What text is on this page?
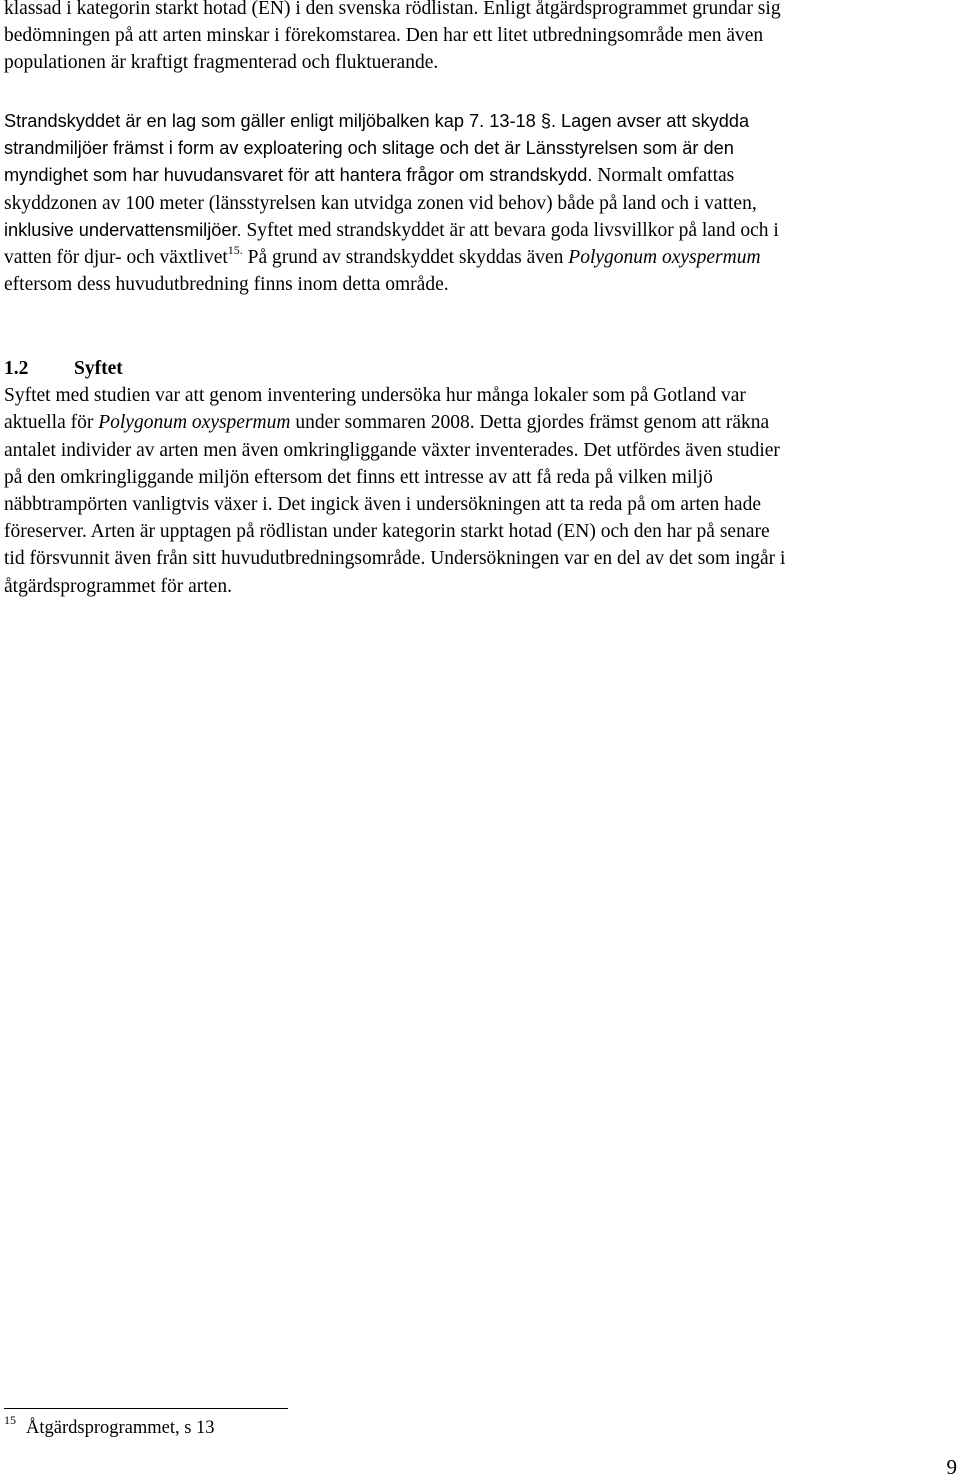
klassad i kategorin starkt hotad (EN) i den svenska rödlistan. Enligt åtgärdsprogrammet grundar sig
bedömningen på att arten minskar i förekomstarea. Den har ett litet utbredningsområde men även
populationen är kraftigt fragmenterad och fluktuerande.
Strandskyddet är en lag som gäller enligt miljöbalken kap 7. 13-18 §. Lagen avser att skydda
strandmiljöer främst i form av exploatering och slitage och det är Länsstyrelsen som är den
myndighet som har huvudansvaret för att hantera frågor om strandskydd. Normalt omfattas
skyddzonen av 100 meter (länsstyrelsen kan utvidga zonen vid behov) både på land och i vatten,
inklusive undervattensmiljöer. Syftet med strandskyddet är att bevara goda livsvillkor på land och i
vatten för djur- och växtlivet$^{15.}$ På grund av strandskyddet skyddas även Polygonum oxyspermum
eftersom dess huvudutbredning finns inom detta område.
1.2 Syftet
Syftet med studien var att genom inventering undersöka hur många lokaler som på Gotland var
aktuella för Polygonum oxyspermum under sommaren 2008. Detta gjordes främst genom att räkna
antalet individer av arten men även omkringliggande växter inventerades. Det utfördes även studier
på den omkringliggande miljön eftersom det finns ett intresse av att få reda på vilken miljö
näbbtrampörten vanligtvis växer i. Det ingick även i undersökningen att ta reda på om arten hade
föreserver. Arten är upptagen på rödlistan under kategorin starkt hotad (EN) och den har på senare
tid försvunnit även från sitt huvudutbredningsområde. Undersökningen var en del av det som ingår i
åtgärdsprogrammet för arten.
15 Åtgärdsprogrammet, s 13
9
